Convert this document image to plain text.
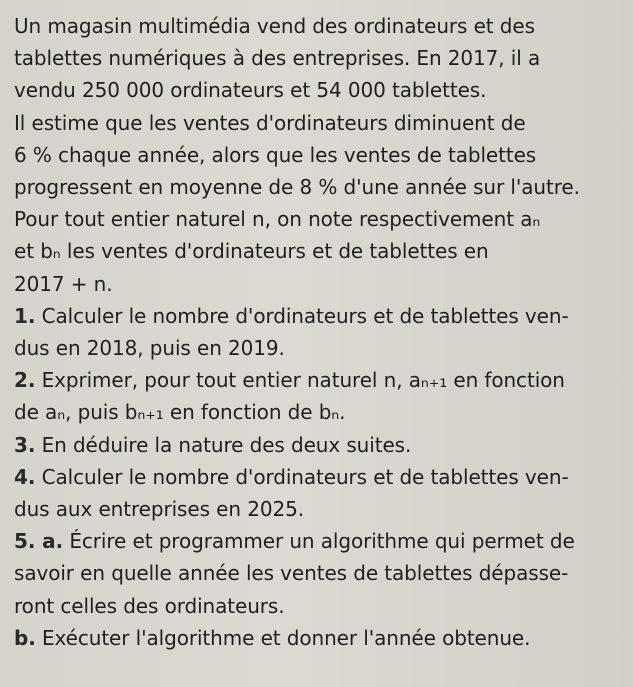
Un magasin multimédia vend des ordinateurs et des

tablettes numériques à des entreprises. En 2017, il a

vendu 250 000 ordinateurs et 54 000 tablettes.

Il estime que les ventes d'ordinateurs diminuent de

6 % chaque année, alors que les ventes de tablettes

progressent en moyenne de 8 % d'une année sur l'autre.

Pour tout entier naturel n, on note respectivement aₙ

et bₙ les ventes d'ordinateurs et de tablettes en

2017 + n.

1. Calculer le nombre d'ordinateurs et de tablettes ven-

dus en 2018, puis en 2019.

2. Exprimer, pour tout entier naturel n, aₙ₊₁ en fonction

de aₙ, puis bₙ₊₁ en fonction de bₙ.

3. En déduire la nature des deux suites.

4. Calculer le nombre d'ordinateurs et de tablettes ven-

dus aux entreprises en 2025.

5. a. Écrire et programmer un algorithme qui permet de

savoir en quelle année les ventes de tablettes dépasse-

ront celles des ordinateurs.

b. Exécuter l'algorithme et donner l'année obtenue.
